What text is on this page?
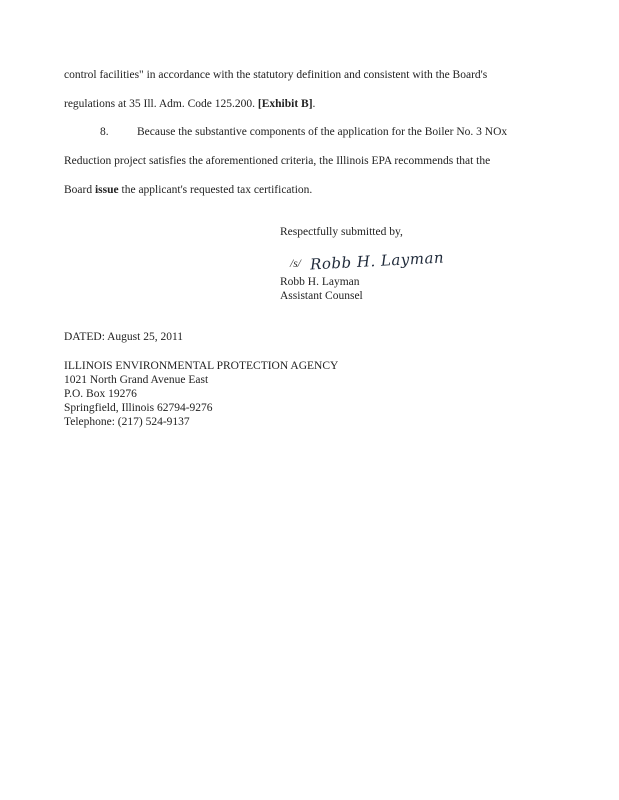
control facilities" in accordance with the statutory definition and consistent with the Board's
regulations at 35 Ill. Adm. Code 125.200. [Exhibit B].
8. Because the substantive components of the application for the Boiler No. 3 NOx
Reduction project satisfies the aforementioned criteria, the Illinois EPA recommends that the
Board issue the applicant's requested tax certification.
Respectfully submitted by,
/s/ Robb H. Layman
Robb H. Layman
Assistant Counsel
DATED: August 25, 2011
ILLINOIS ENVIRONMENTAL PROTECTION AGENCY
1021 North Grand Avenue East
P.O. Box 19276
Springfield, Illinois 62794-9276
Telephone: (217) 524-9137
